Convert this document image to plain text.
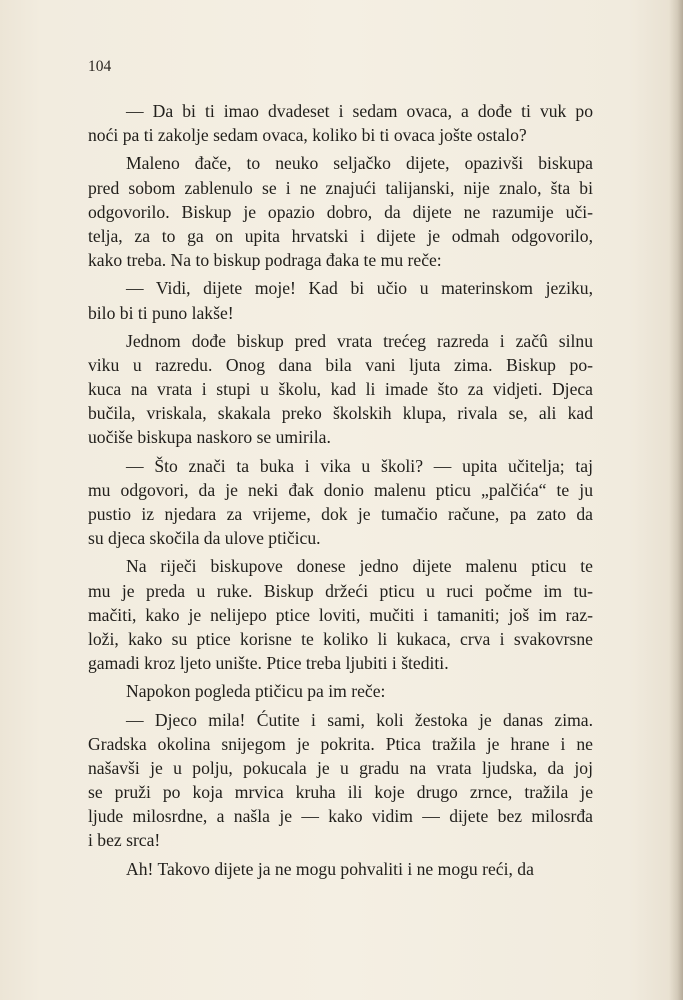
104
— Da bi ti imao dvadeset i sedam ovaca, a dođe ti vuk po
noći pa ti zakolje sedam ovaca, koliko bi ti ovaca jošte ostalo?
Maleno đače, to neuko seljačko dijete, opazivši biskupa
pred sobom zablenulo se i ne znajući talijanski, nije znalo, šta bi
odgovorilo. Biskup je opazio dobro, da dijete ne razumije uči-
telja, za to ga on upita hrvatski i dijete je odmah odgovorilo,
kako treba. Na to biskup podraga đaka te mu reče:
— Vidi, dijete moje! Kad bi učio u materinskom jeziku,
bilo bi ti puno lakše!
Jednom dođe biskup pred vrata trećeg razreda i začû silnu
viku u razredu. Onog dana bila vani ljuta zima. Biskup po-
kuca na vrata i stupi u školu, kad li imade što za vidjeti. Djeca
bučila, vriskala, skakala preko školskih klupa, rivala se, ali kad
uočiše biskupa naskoro se umirila.
— Što znači ta buka i vika u školi? — upita učitelja; taj
mu odgovori, da je neki đak donio malenu pticu „palčića“ te ju
pustio iz njedara za vrijeme, dok je tumačio račune, pa zato da
su djeca skočila da ulove ptičicu.
Na riječi biskupove donese jedno dijete malenu pticu te
mu je preda u ruke. Biskup držeći pticu u ruci počme im tu-
mačiti, kako je nelijepo ptice loviti, mučiti i tamaniti; još im raz-
loži, kako su ptice korisne te koliko li kukaca, crva i svakovrsne
gamadi kroz ljeto unište. Ptice treba ljubiti i štediti.
Napokon pogleda ptičicu pa im reče:
— Djeco mila! Ćutite i sami, koli žestoka je danas zima.
Gradska okolina snijegom je pokrita. Ptica tražila je hrane i ne
našavši je u polju, pokucala je u gradu na vrata ljudska, da joj
se pruži po koja mrvica kruha ili koje drugo zrnce, tražila je
ljude milosrdne, a našla je — kako vidim — dijete bez milosrđa
i bez srca!
Ah! Takovo dijete ja ne mogu pohvaliti i ne mogu reći, da
